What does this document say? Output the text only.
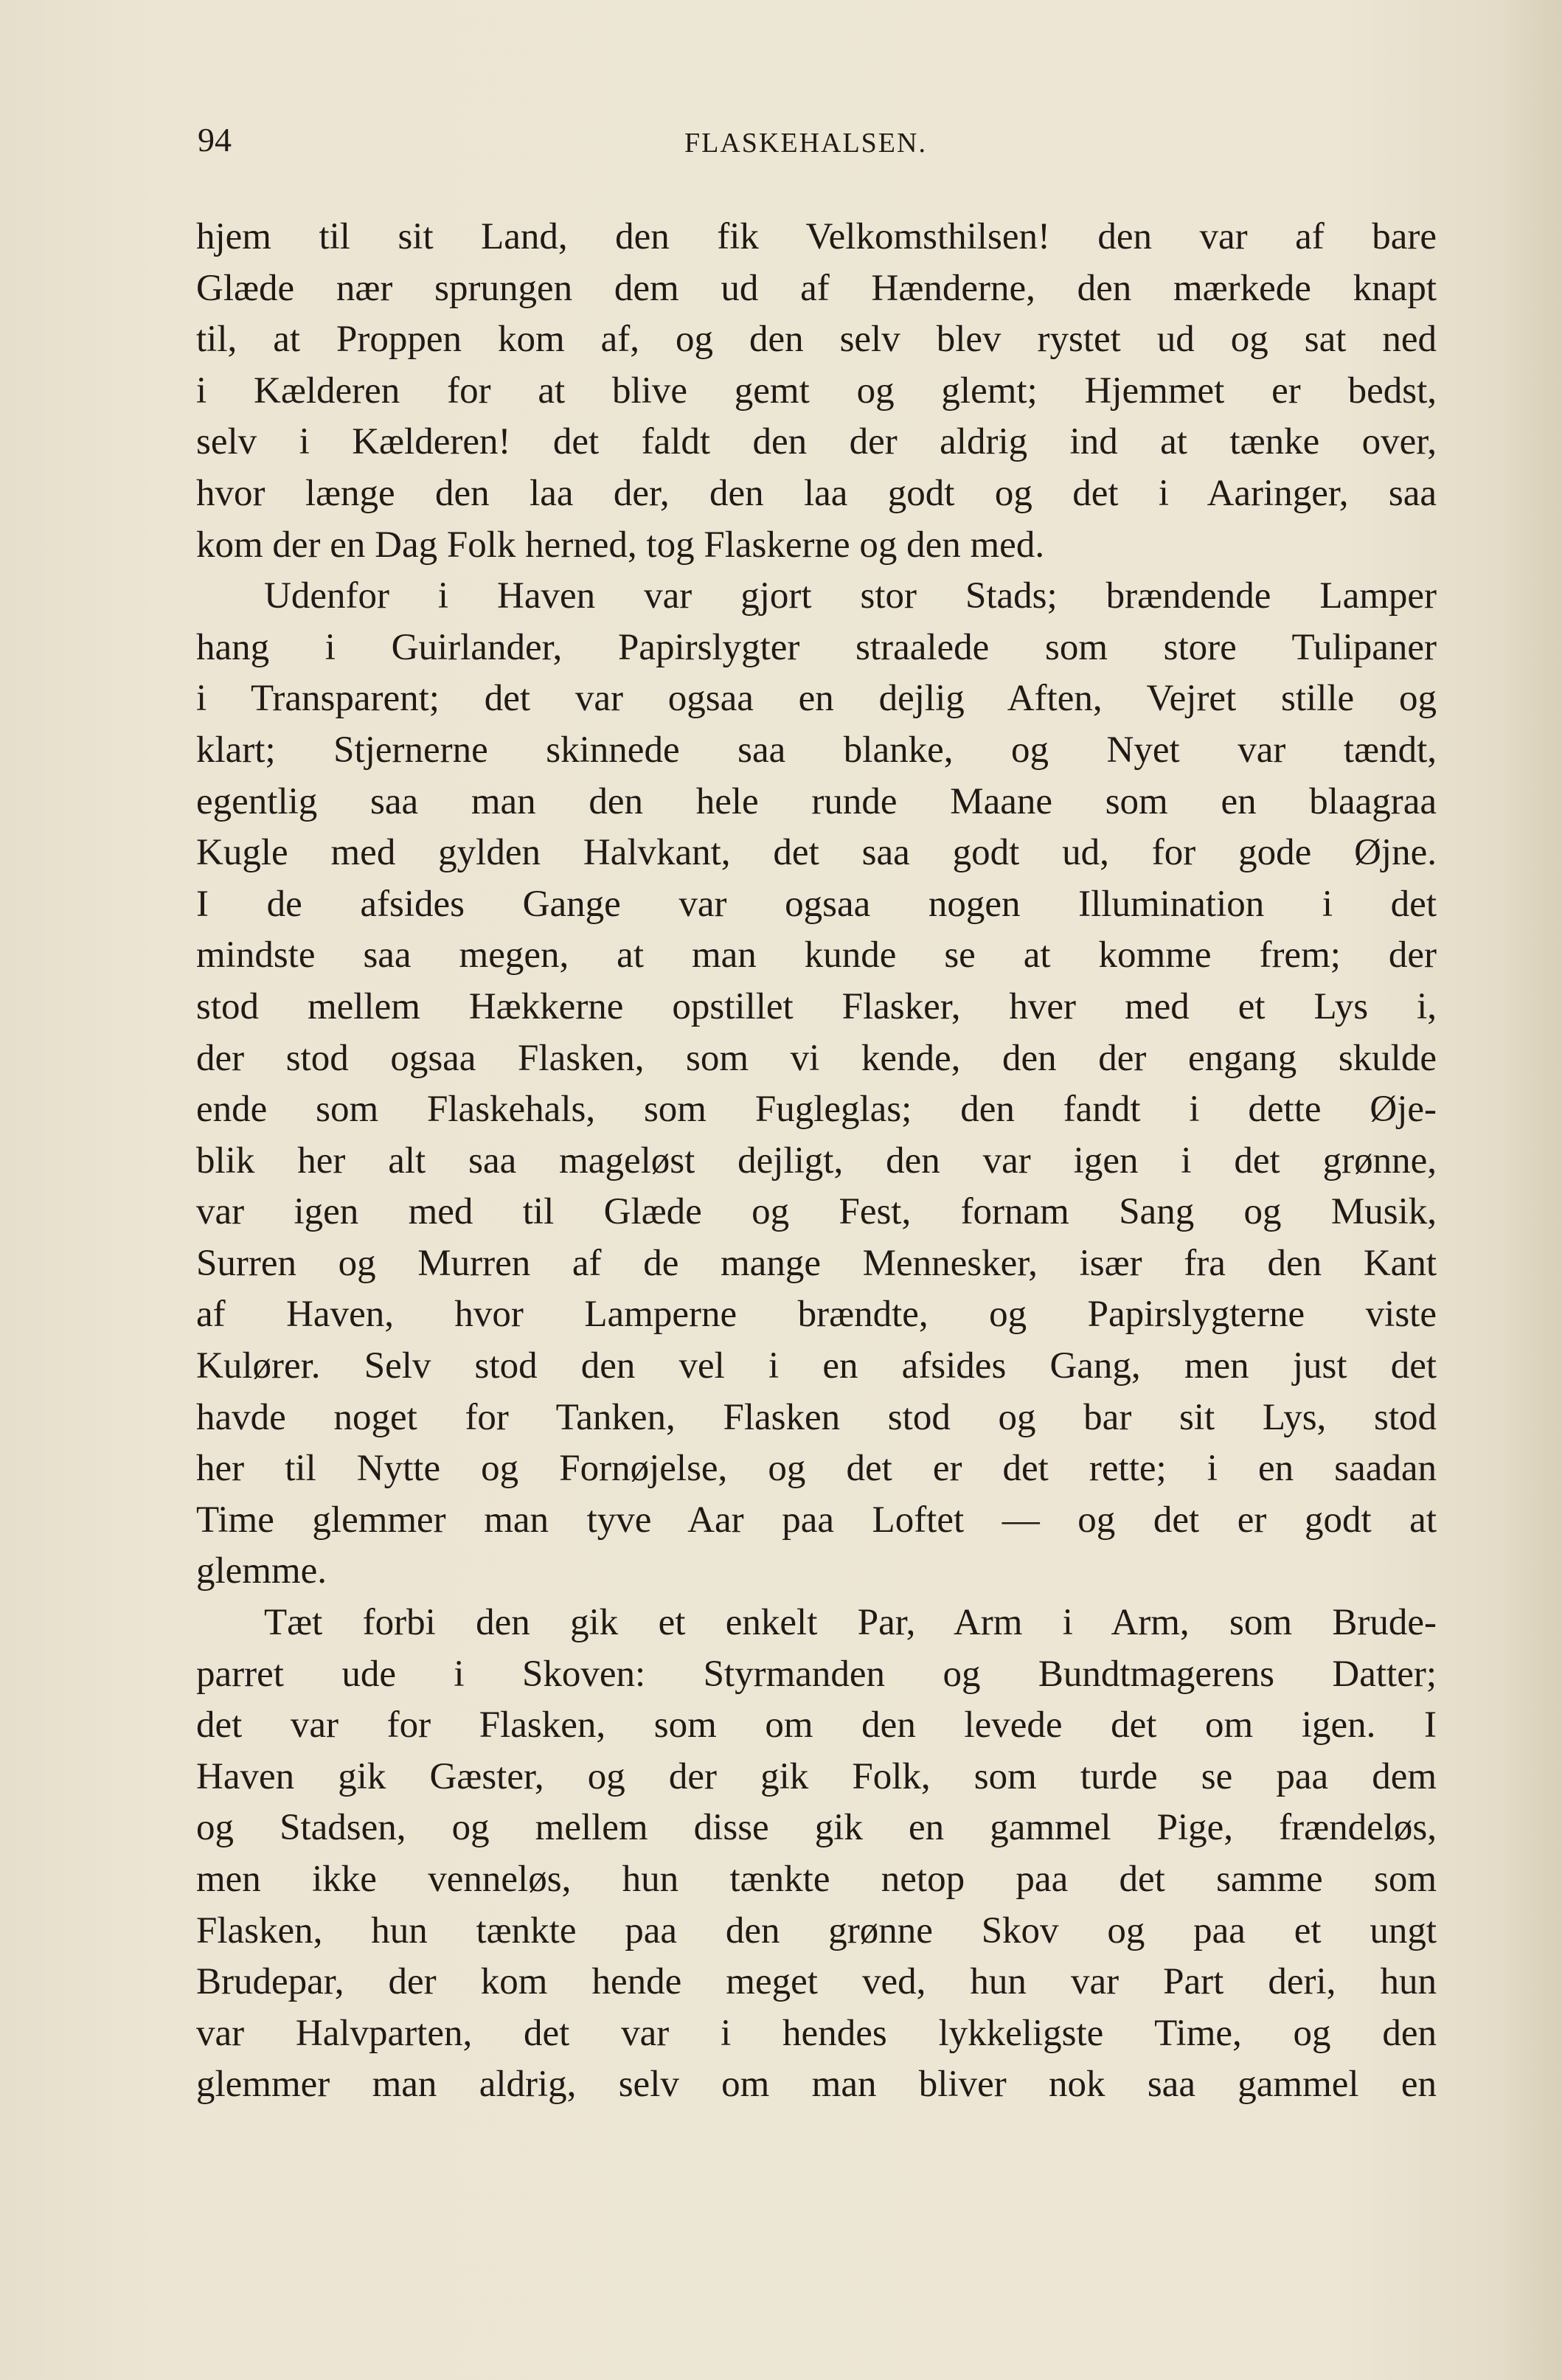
94	FLASKEHALSEN.
hjem til sit Land, den fik Velkomsthilsen! den var af bare
Glæde nær sprungen dem ud af Hænderne, den mærkede knapt
til, at Proppen kom af, og den selv blev rystet ud og sat ned
i Kælderen for at blive gemt og glemt; Hjemmet er bedst,
selv i Kælderen! det faldt den der aldrig ind at tænke over,
hvor længe den laa der, den laa godt og det i Aaringer, saa
kom der en Dag Folk herned, tog Flaskerne og den med.
Udenfor i Haven var gjort stor Stads; brændende Lamper
hang i Guirlander, Papirslygter straalede som store Tulipaner
i Transparent; det var ogsaa en dejlig Aften, Vejret stille og
klart; Stjernerne skinnede saa blanke, og Nyet var tændt,
egentlig saa man den hele runde Maane som en blaagraa
Kugle med gylden Halvkant, det saa godt ud, for gode Øjne.
I de afsides Gange var ogsaa nogen Illumination i det
mindste saa megen, at man kunde se at komme frem; der
stod mellem Hækkerne opstillet Flasker, hver med et Lys i,
der stod ogsaa Flasken, som vi kende, den der engang skulde
ende som Flaskehals, som Fugleglas; den fandt i dette Øje-
blik her alt saa mageløst dejligt, den var igen i det grønne,
var igen med til Glæde og Fest, fornam Sang og Musik,
Surren og Murren af de mange Mennesker, især fra den Kant
af Haven, hvor Lamperne brændte, og Papirslygterne viste
Kulører. Selv stod den vel i en afsides Gang, men just det
havde noget for Tanken, Flasken stod og bar sit Lys, stod
her til Nytte og Fornøjelse, og det er det rette; i en saadan
Time glemmer man tyve Aar paa Loftet — og det er godt at
glemme.
Tæt forbi den gik et enkelt Par, Arm i Arm, som Brude-
parret ude i Skoven: Styrmanden og Bundtmagerens Datter;
det var for Flasken, som om den levede det om igen. I
Haven gik Gæster, og der gik Folk, som turde se paa dem
og Stadsen, og mellem disse gik en gammel Pige, frændeløs,
men ikke venneløs, hun tænkte netop paa det samme som
Flasken, hun tænkte paa den grønne Skov og paa et ungt
Brudepar, der kom hende meget ved, hun var Part deri, hun
var Halvparten, det var i hendes lykkeligste Time, og den
glemmer man aldrig, selv om man bliver nok saa gammel en
